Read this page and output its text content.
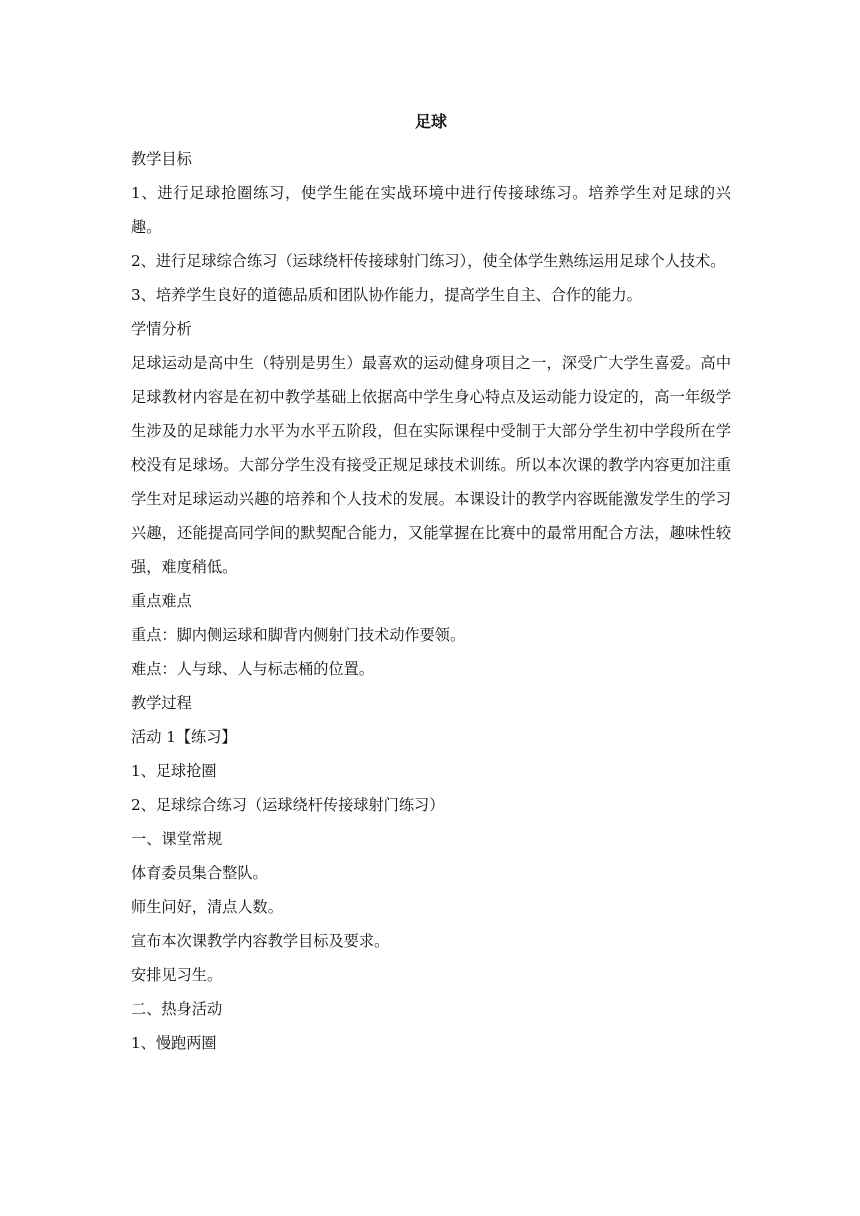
足球

教学目标

1、进行足球抢圈练习，使学生能在实战环境中进行传接球练习。培养学生对足球的兴趣。

2、进行足球综合练习（运球绕杆传接球射门练习），使全体学生熟练运用足球个人技术。

3、培养学生良好的道德品质和团队协作能力，提高学生自主、合作的能力。

学情分析

足球运动是高中生（特别是男生）最喜欢的运动健身项目之一，深受广大学生喜爱。高中足球教材内容是在初中教学基础上依据高中学生身心特点及运动能力设定的，高一年级学生涉及的足球能力水平为水平五阶段，但在实际课程中受制于大部分学生初中学段所在学校没有足球场。大部分学生没有接受正规足球技术训练。所以本次课的教学内容更加注重学生对足球运动兴趣的培养和个人技术的发展。本课设计的教学内容既能激发学生的学习兴趣，还能提高同学间的默契配合能力，又能掌握在比赛中的最常用配合方法，趣味性较强，难度稍低。

重点难点

重点：脚内侧运球和脚背内侧射门技术动作要领。

难点：人与球、人与标志桶的位置。

教学过程

活动 1【练习】

1、足球抢圈

2、足球综合练习（运球绕杆传接球射门练习）

一、课堂常规

体育委员集合整队。

师生问好，清点人数。

宣布本次课教学内容教学目标及要求。

安排见习生。

二、热身活动

1、慢跑两圈
